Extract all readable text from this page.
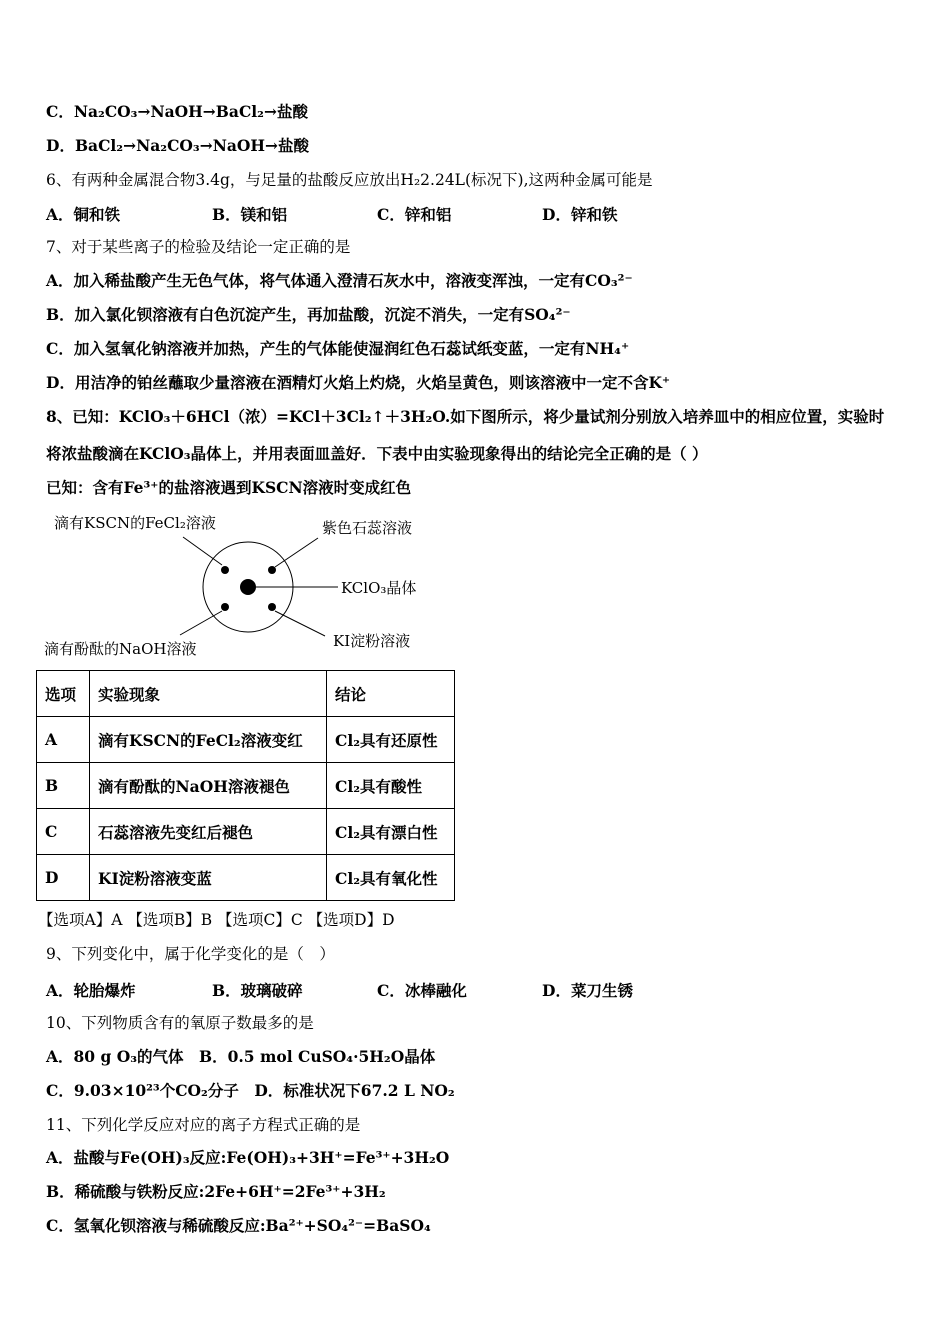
C．Na₂CO₃→NaOH→BaCl₂→盐酸
D．BaCl₂→Na₂CO₃→NaOH→盐酸
6、有两种金属混合物3.4g，与足量的盐酸反应放出H₂2.24L(标况下),这两种金属可能是
A．铜和铁	B．镁和铝	C．锌和铝	D．锌和铁
7、对于某些离子的检验及结论一定正确的是
A．加入稀盐酸产生无色气体，将气体通入澄清石灰水中，溶液变浑浊，一定有CO₃²⁻
B．加入氯化钡溶液有白色沉淀产生，再加盐酸，沉淀不消失，一定有SO₄²⁻
C．加入氢氧化钠溶液并加热，产生的气体能使湿润红色石蕊试纸变蓝，一定有NH₄⁺
D．用洁净的铂丝蘸取少量溶液在酒精灯火焰上灼烧，火焰呈黄色，则该溶液中一定不含K⁺
8、已知：KClO₃＋6HCl（浓）=KCl＋3Cl₂↑＋3H₂O.如下图所示，将少量试剂分别放入培养皿中的相应位置，实验时
将浓盐酸滴在KClO₃晶体上，并用表面皿盖好．下表中由实验现象得出的结论完全正确的是（ ）
已知：含有Fe³⁺的盐溶液遇到KSCN溶液时变成红色
滴有KSCN的FeCl₂溶液	紫色石蕊溶液
KClO₃晶体
滴有酚酞的NaOH溶液	KI淀粉溶液
选项	实验现象	结论
A	滴有KSCN的FeCl₂溶液变红	Cl₂具有还原性
B	滴有酚酞的NaOH溶液褪色	Cl₂具有酸性
C	石蕊溶液先变红后褪色	Cl₂具有漂白性
D	KI淀粉溶液变蓝	Cl₂具有氧化性
【选项A】A 【选项B】B 【选项C】C 【选项D】D
9、下列变化中，属于化学变化的是（　）
A．轮胎爆炸	B．玻璃破碎	C．冰棒融化	D．菜刀生锈
10、下列物质含有的氧原子数最多的是
A．80 g O₃的气体　B．0.5 mol CuSO₄·5H₂O晶体
C．9.03×10²³个CO₂分子　D．标准状况下67.2 L NO₂
11、下列化学反应对应的离子方程式正确的是
A．盐酸与Fe(OH)₃反应:Fe(OH)₃+3H⁺=Fe³⁺+3H₂O
B．稀硫酸与铁粉反应:2Fe+6H⁺=2Fe³⁺+3H₂
C．氢氧化钡溶液与稀硫酸反应:Ba²⁺+SO₄²⁻=BaSO₄
